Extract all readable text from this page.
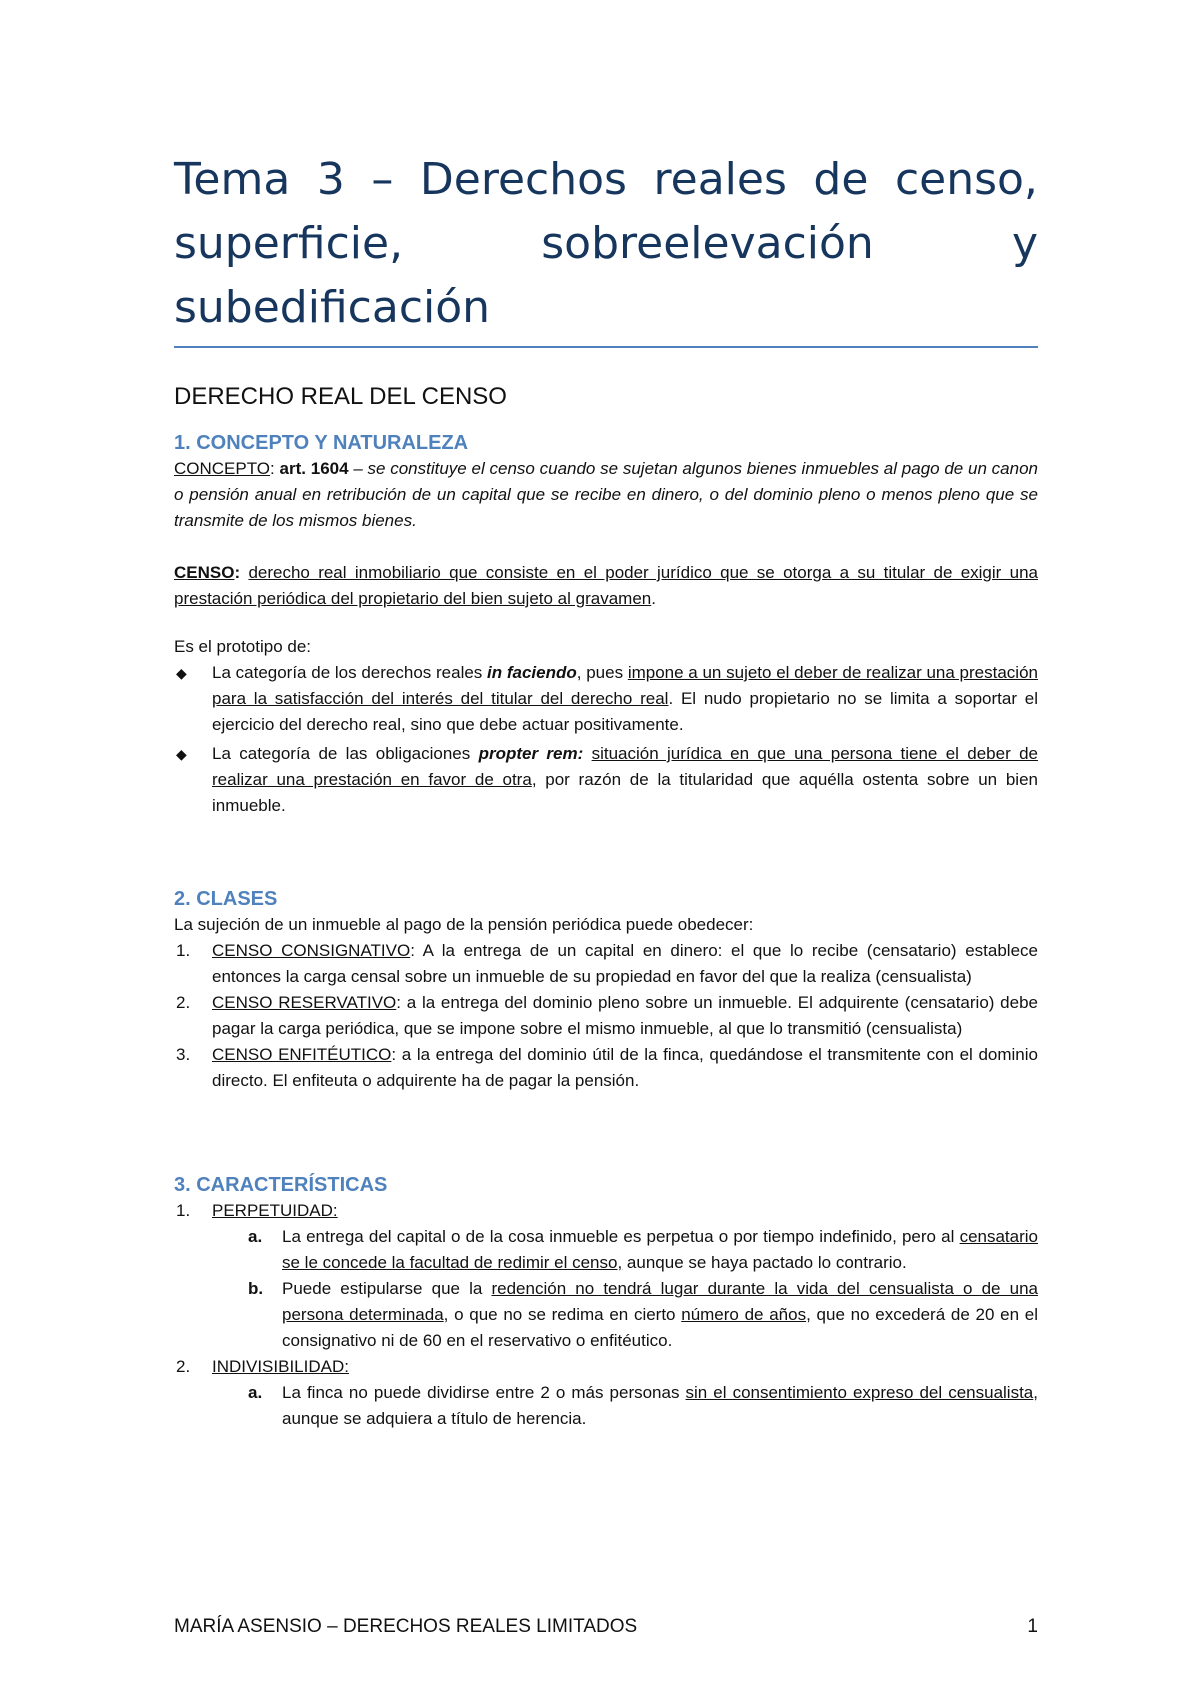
Tema 3 – Derechos reales de censo,
superficie,	sobreelevación	y
subedificación
DERECHO REAL DEL CENSO
1. CONCEPTO Y NATURALEZA
CONCEPTO: art. 1604 – se constituye el censo cuando se sujetan algunos bienes inmuebles al pago de un canon o pensión anual en retribución de un capital que se recibe en dinero, o del dominio pleno o menos pleno que se transmite de los mismos bienes.
CENSO: derecho real inmobiliario que consiste en el poder jurídico que se otorga a su titular de exigir una prestación periódica del propietario del bien sujeto al gravamen.
Es el prototipo de:
◆ La categoría de los derechos reales in faciendo, pues impone a un sujeto el deber de realizar una prestación para la satisfacción del interés del titular del derecho real. El nudo propietario no se limita a soportar el ejercicio del derecho real, sino que debe actuar positivamente.
◆ La categoría de las obligaciones propter rem: situación jurídica en que una persona tiene el deber de realizar una prestación en favor de otra, por razón de la titularidad que aquélla ostenta sobre un bien inmueble.
2. CLASES
La sujeción de un inmueble al pago de la pensión periódica puede obedecer:
1. CENSO CONSIGNATIVO: A la entrega de un capital en dinero: el que lo recibe (censatario) establece entonces la carga censal sobre un inmueble de su propiedad en favor del que la realiza (censualista)
2. CENSO RESERVATIVO: a la entrega del dominio pleno sobre un inmueble. El adquirente (censatario) debe pagar la carga periódica, que se impone sobre el mismo inmueble, al que lo transmitió (censualista)
3. CENSO ENFITÉUTICO: a la entrega del dominio útil de la finca, quedándose el transmitente con el dominio directo. El enfiteuta o adquirente ha de pagar la pensión.
3. CARACTERÍSTICAS
1. PERPETUIDAD:
a. La entrega del capital o de la cosa inmueble es perpetua o por tiempo indefinido, pero al censatario se le concede la facultad de redimir el censo, aunque se haya pactado lo contrario.
b. Puede estipularse que la redención no tendrá lugar durante la vida del censualista o de una persona determinada, o que no se redima en cierto número de años, que no excederá de 20 en el consignativo ni de 60 en el reservativo o enfitéutico.
2. INDIVISIBILIDAD:
a. La finca no puede dividirse entre 2 o más personas sin el consentimiento expreso del censualista, aunque se adquiera a título de herencia.
MARÍA ASENSIO – DERECHOS REALES LIMITADOS	1
